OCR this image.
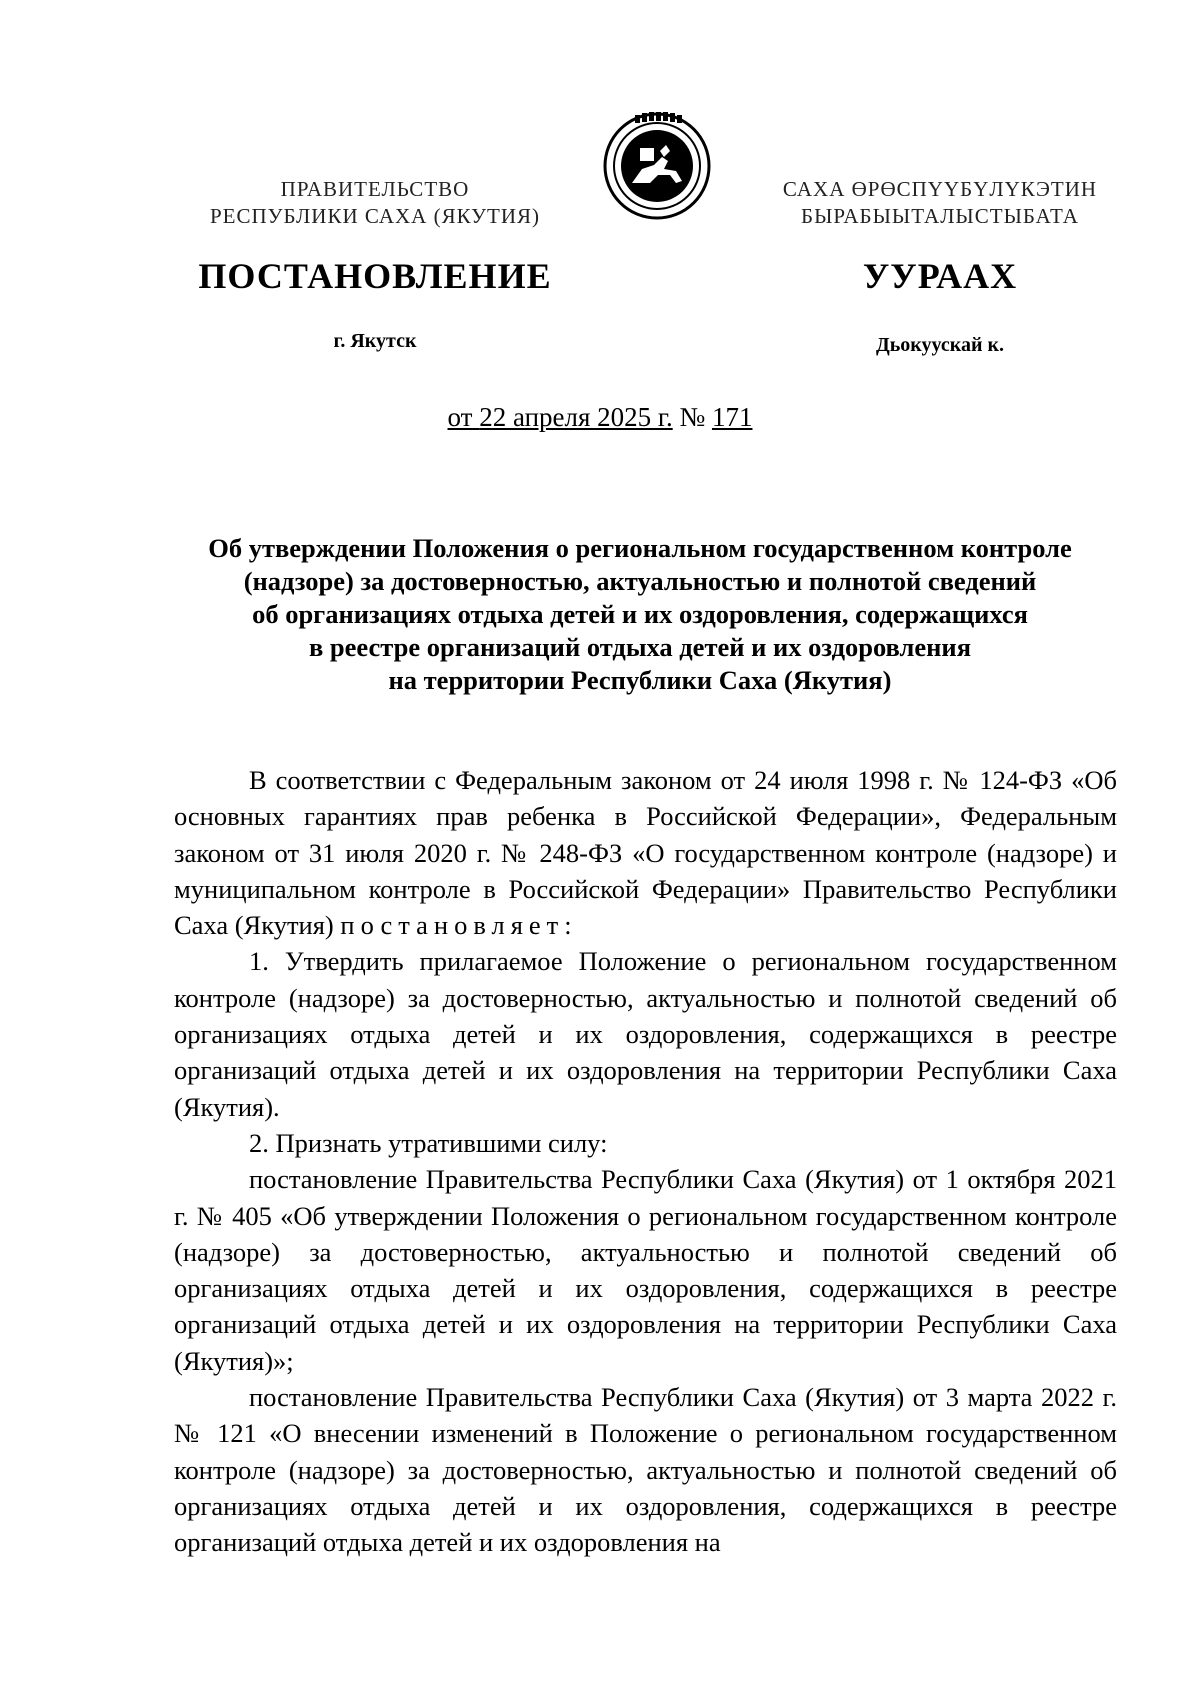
ПРАВИТЕЛЬСТВО
РЕСПУБЛИКИ САХА (ЯКУТИЯ)
САХА ӨРӨСПҮҮБҮЛҮКЭТИН
БЫРАБЫЫТАЛЫСТЫБАТА
ПОСТАНОВЛЕНИЕ	УУРААХ
г. Якутск	Дьокуускай к.
от 22 апреля 2025 г. № 171
Об утверждении Положения о региональном государственном контроле
(надзоре) за достоверностью, актуальностью и полнотой сведений
об организациях отдыха детей и их оздоровления, содержащихся
в реестре организаций отдыха детей и их оздоровления
на территории Республики Саха (Якутия)

В соответствии с Федеральным законом от 24 июля 1998 г. № 124-ФЗ «Об основных гарантиях прав ребенка в Российской Федерации», Федеральным законом от 31 июля 2020 г. № 248-ФЗ «О государственном контроле (надзоре) и муниципальном контроле в Российской Федерации» Правительство Республики Саха (Якутия) постановляет:

1. Утвердить прилагаемое Положение о региональном государственном контроле (надзоре) за достоверностью, актуальностью и полнотой сведений об организациях отдыха детей и их оздоровления, содержащихся в реестре организаций отдыха детей и их оздоровления на территории Республики Саха (Якутия).

2. Признать утратившими силу:

постановление Правительства Республики Саха (Якутия) от 1 октября 2021 г. № 405 «Об утверждении Положения о региональном государственном контроле (надзоре) за достоверностью, актуальностью и полнотой сведений об организациях отдыха детей и их оздоровления, содержащихся в реестре организаций отдыха детей и их оздоровления на территории Республики Саха (Якутия)»;

постановление Правительства Республики Саха (Якутия) от 3 марта 2022 г. № 121 «О внесении изменений в Положение о региональном государственном контроле (надзоре) за достоверностью, актуальностью и полнотой сведений об организациях отдыха детей и их оздоровления, содержащихся в реестре организаций отдыха детей и их оздоровления на
